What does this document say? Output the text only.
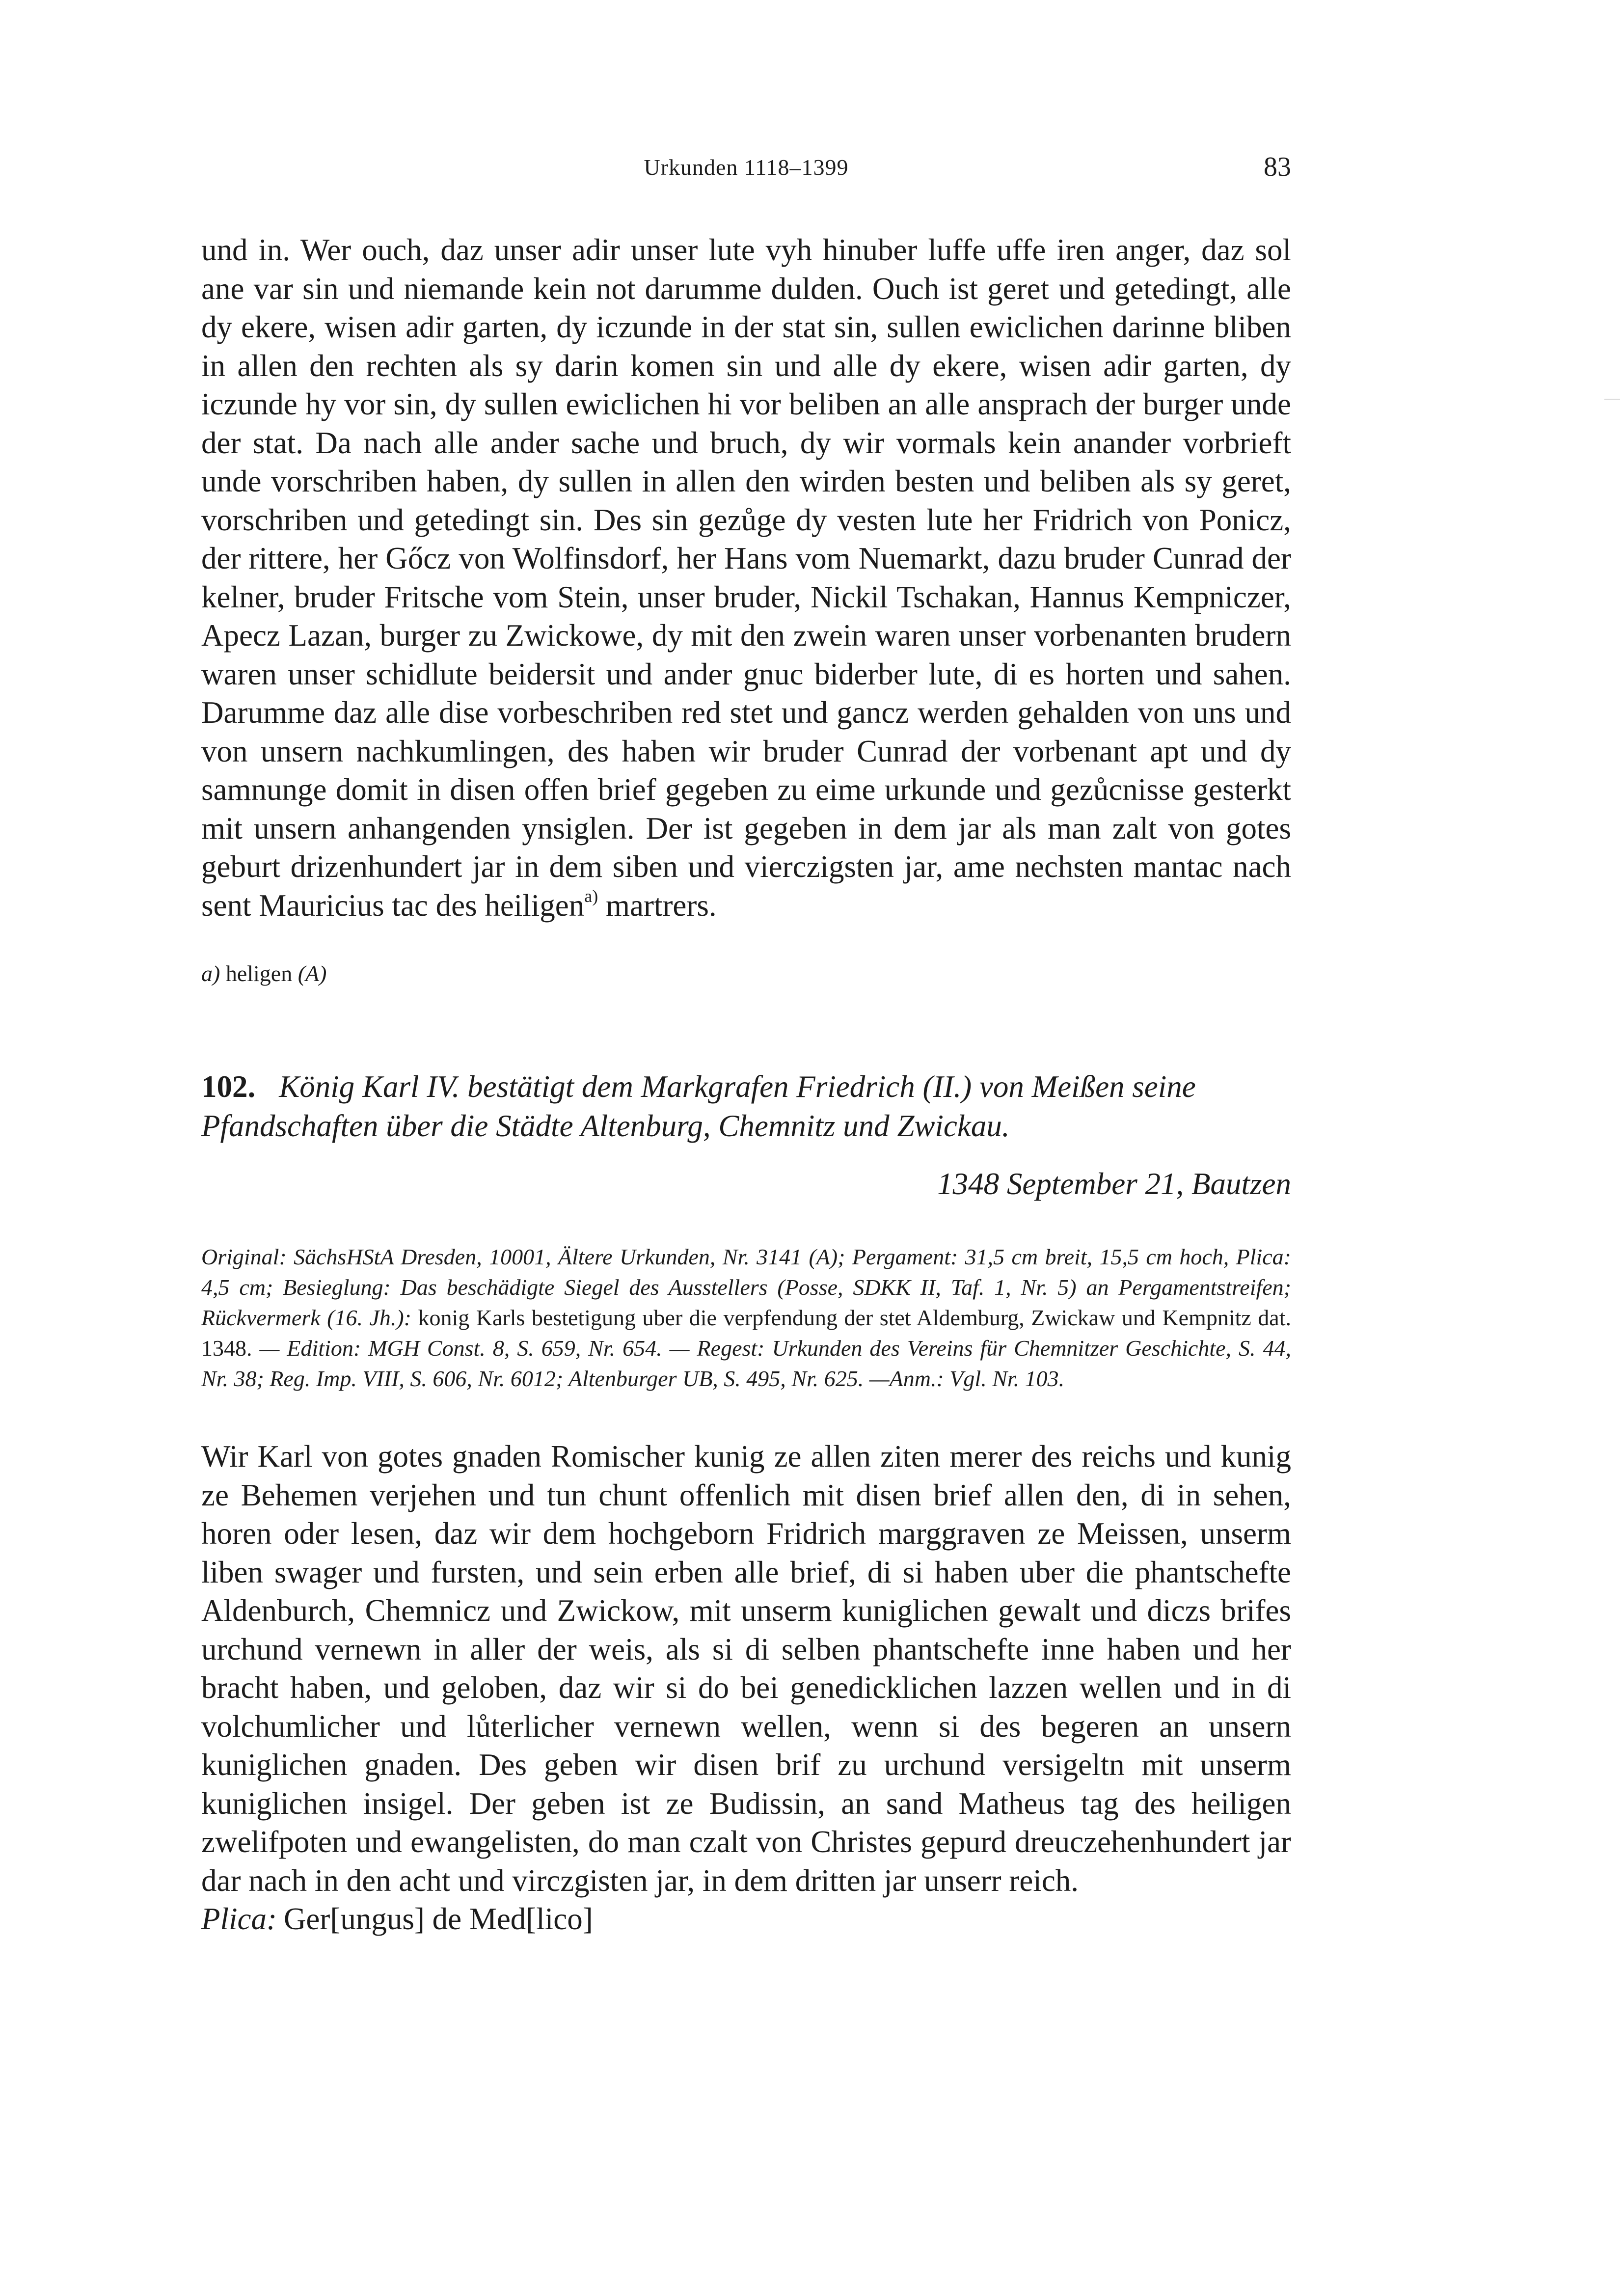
Urkunden 1118–1399	83

und in. Wer ouch, daz unser adir unser lute vyh hinuber luffe uffe iren anger, daz sol ane var sin und niemande kein not darumme dulden. Ouch ist geret und getedingt, alle dy ekere, wisen adir garten, dy iczunde in der stat sin, sullen ewiclichen darinne bliben in allen den rechten als sy darin komen sin und alle dy ekere, wisen adir garten, dy iczunde hy vor sin, dy sullen ewiclichen hi vor beliben an alle ansprach der burger unde der stat. Da nach alle ander sache und bruch, dy wir vormals kein anander vorbrieft unde vorschriben haben, dy sullen in allen den wirden besten und beliben als sy geret, vorschriben und getedingt sin. Des sin gezůge dy vesten lute her Fridrich von Ponicz, der rittere, her Gőcz von Wolfinsdorf, her Hans vom Nuemarkt, dazu bruder Cunrad der kelner, bruder Fritsche vom Stein, unser bruder, Nickil Tschakan, Hannus Kempniczer, Apecz Lazan, burger zu Zwickowe, dy mit den zwein waren unser vorbenanten brudern waren unser schidlute beidersit und ander gnuc biderber lute, di es horten und sahen. Darumme daz alle dise vorbeschriben red stet und gancz werden gehalden von uns und von unsern nachkumlingen, des haben wir bruder Cunrad der vorbenant apt und dy samnunge domit in disen offen brief gegeben zu eime urkunde und gezůcnisse gesterkt mit unsern anhangenden ynsiglen. Der ist gegeben in dem jar als man zalt von gotes geburt drizenhundert jar in dem siben und vierczigsten jar, ame nechsten mantac nach sent Mauricius tac des heiligen$^{a)}$ martrers.

a) heligen (A)

102. König Karl IV. bestätigt dem Markgrafen Friedrich (II.) von Meißen seine Pfandschaften über die Städte Altenburg, Chemnitz und Zwickau.

1348 September 21, Bautzen

Original: SächsHStA Dresden, 10001, Ältere Urkunden, Nr. 3141 (A); Pergament: 31,5 cm breit, 15,5 cm hoch, Plica: 4,5 cm; Besieglung: Das beschädigte Siegel des Ausstellers (Posse, SDKK II, Taf. 1, Nr. 5) an Pergamentstreifen; Rückvermerk (16. Jh.): konig Karls bestetigung uber die verpfendung der stet Aldemburg, Zwickaw und Kempnitz dat. 1348. — Edition: MGH Const. 8, S. 659, Nr. 654. — Regest: Urkunden des Vereins für Chemnitzer Geschichte, S. 44, Nr. 38; Reg. Imp. VIII, S. 606, Nr. 6012; Altenburger UB, S. 495, Nr. 625. —Anm.: Vgl. Nr. 103.

Wir Karl von gotes gnaden Romischer kunig ze allen ziten merer des reichs und kunig ze Behemen verjehen und tun chunt offenlich mit disen brief allen den, di in sehen, horen oder lesen, daz wir dem hochgeborn Fridrich marggraven ze Meissen, unserm liben swager und fursten, und sein erben alle brief, di si haben uber die phantschefte Aldenburch, Chemnicz und Zwickow, mit unserm kuniglichen gewalt und diczs brifes urchund vernewn in aller der weis, als si di selben phantschefte inne haben und her bracht haben, und geloben, daz wir si do bei genedicklichen lazzen wellen und in di volchumlicher und lůterlicher vernewn wellen, wenn si des begeren an unsern kuniglichen gnaden. Des geben wir disen brif zu urchund versigeltn mit unserm kuniglichen insigel. Der geben ist ze Budissin, an sand Matheus tag des heiligen zwelifpoten und ewangelisten, do man czalt von Christes gepurd dreuczehenhundert jar dar nach in den acht und virczgisten jar, in dem dritten jar unserr reich.

Plica: Ger[ungus] de Med[lico]
